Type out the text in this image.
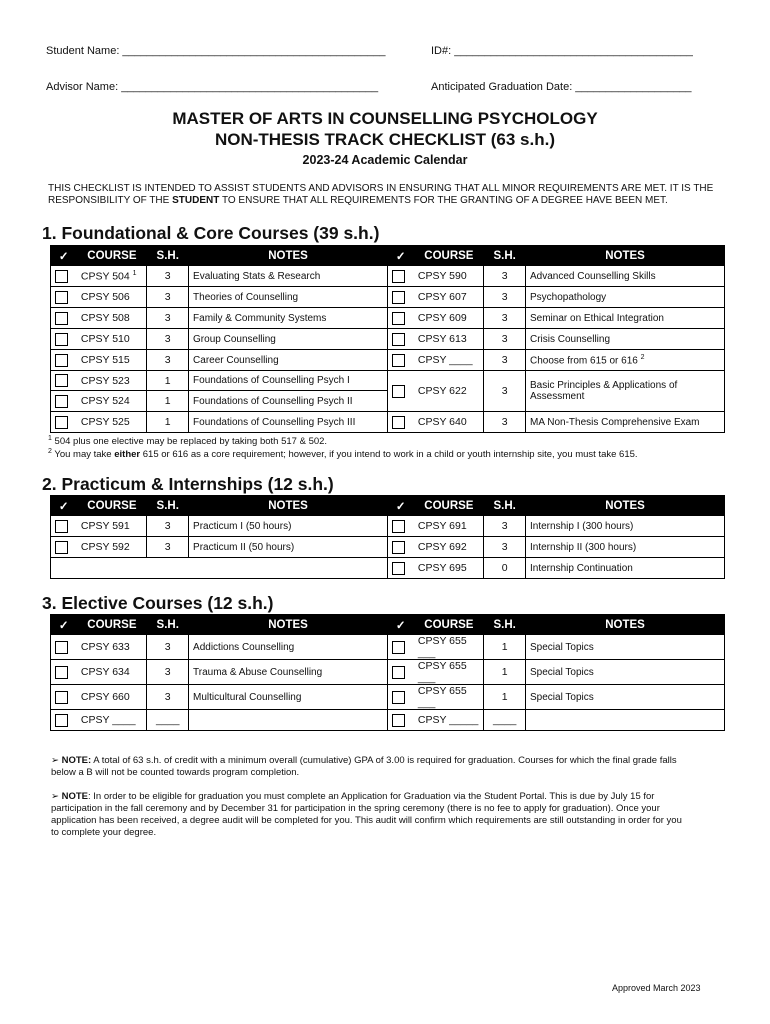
Student Name: ___________________________________________	ID#: _______________________________________
Advisor Name: __________________________________________	Anticipated Graduation Date: ___________________
MASTER OF ARTS IN COUNSELLING PSYCHOLOGY
NON-THESIS TRACK CHECKLIST (63 s.h.)
2023-24 Academic Calendar
THIS CHECKLIST IS INTENDED TO ASSIST STUDENTS AND ADVISORS IN ENSURING THAT ALL MINOR REQUIREMENTS ARE MET. IT IS THE RESPONSIBILITY OF THE STUDENT TO ENSURE THAT ALL REQUIREMENTS FOR THE GRANTING OF A DEGREE HAVE BEEN MET.
1. Foundational & Core Courses (39 s.h.)
✓	COURSE	S.H.	NOTES	✓	COURSE	S.H.	NOTES
	CPSY 504 $^1$	3	Evaluating Stats & Research		CPSY 590	3	Advanced Counselling Skills
	CPSY 506	3	Theories of Counselling		CPSY 607	3	Psychopathology
	CPSY 508	3	Family & Community Systems		CPSY 609	3	Seminar on Ethical Integration
	CPSY 510	3	Group Counselling		CPSY 613	3	Crisis Counselling
	CPSY 515	3	Career Counselling		CPSY ____	3	Choose from 615 or 616 $^2$
	CPSY 523	1	Foundations of Counselling Psych I		CPSY 622	3	Basic Principles & Applications of Assessment
	CPSY 524	1	Foundations of Counselling Psych II				
	CPSY 525	1	Foundations of Counselling Psych III		CPSY 640	3	MA Non-Thesis Comprehensive Exam
$^1$ 504 plus one elective may be replaced by taking both 517 & 502.
$^2$ You may take either 615 or 616 as a core requirement; however, if you intend to work in a child or youth internship site, you must take 615.
2. Practicum & Internships (12 s.h.)
✓	COURSE	S.H.	NOTES	✓	COURSE	S.H.	NOTES
	CPSY 591	3	Practicum I (50 hours)		CPSY 691	3	Internship I (300 hours)
	CPSY 592	3	Practicum II (50 hours)		CPSY 692	3	Internship II (300 hours)
					CPSY 695	0	Internship Continuation
3. Elective Courses (12 s.h.)
✓	COURSE	S.H.	NOTES	✓	COURSE	S.H.	NOTES
	CPSY 633	3	Addictions Counselling		CPSY 655 ___	1	Special Topics
	CPSY 634	3	Trauma & Abuse Counselling		CPSY 655 ___	1	Special Topics
	CPSY 660	3	Multicultural Counselling		CPSY 655 ___	1	Special Topics
	CPSY ____	____			CPSY _____	____	
➢ NOTE: A total of 63 s.h. of credit with a minimum overall (cumulative) GPA of 3.00 is required for graduation. Courses for which the final grade falls below a B will not be counted towards program completion.
➢ NOTE: In order to be eligible for graduation you must complete an Application for Graduation via the Student Portal. This is due by July 15 for participation in the fall ceremony and by December 31 for participation in the spring ceremony (there is no fee to apply for graduation). Once your application has been received, a degree audit will be completed for you. This audit will confirm which requirements are still outstanding in order for you to complete your degree.
Approved March 2023
